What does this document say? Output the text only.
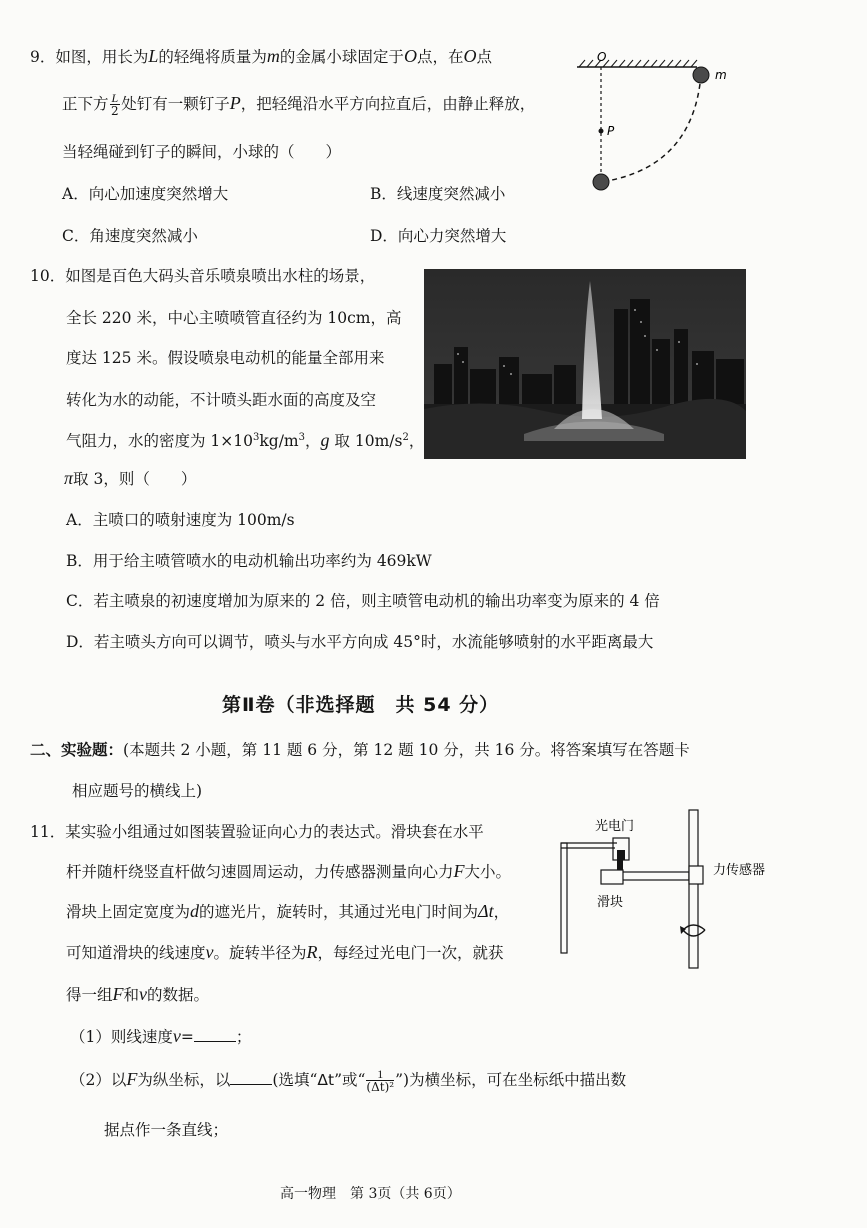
9．如图，用长为L的轻绳将质量为m的金属小球固定于O点，在O点
正下方 $\frac{L}{2}$ 处钉有一颗钉子P，把轻绳沿水平方向拉直后，由静止释放，
当轻绳碰到钉子的瞬间，小球的（　　）
A．向心加速度突然增大	B．线速度突然减小
C．角速度突然减小	D．向心力突然增大
O
P
m
10．如图是百色大码头音乐喷泉喷出水柱的场景，
全长 220 米，中心主喷喷管直径约为 10cm，高
度达 125 米。假设喷泉电动机的能量全部用来
转化为水的动能，不计喷头距水面的高度及空
气阻力，水的密度为 $1\times 10^3kg/m^3$，g 取 $10m/s^2$，
π取 3，则（　　）
A．主喷口的喷射速度为 100m/s
B．用于给主喷管喷水的电动机输出功率约为 469kW
C．若主喷泉的初速度增加为原来的 2 倍，则主喷管电动机的输出功率变为原来的 4 倍
D．若主喷头方向可以调节，喷头与水平方向成 45°时，水流能够喷射的水平距离最大
第Ⅱ卷（非选择题　共 54 分）
二、实验题：(本题共 2 小题，第 11 题 6 分，第 12 题 10 分，共 16 分。将答案填写在答题卡
相应题号的横线上)
11．某实验小组通过如图装置验证向心力的表达式。滑块套在水平
杆并随杆绕竖直杆做匀速圆周运动，力传感器测量向心力F大小。
滑块上固定宽度为d的遮光片，旋转时，其通过光电门时间为Δt，
可知道滑块的线速度v。旋转半径为R，每经过光电门一次，就获
得一组F和v的数据。
（1）则线速度v=	；
（2）以F为纵坐标，以	(选填“Δt”或“ $\frac{1}{\text{(Δt)²}}$ ”)为横坐标，可在坐标纸中描出数
据点作一条直线；
光电门
力传感器
滑块
高一物理　第 3页（共 6页）
